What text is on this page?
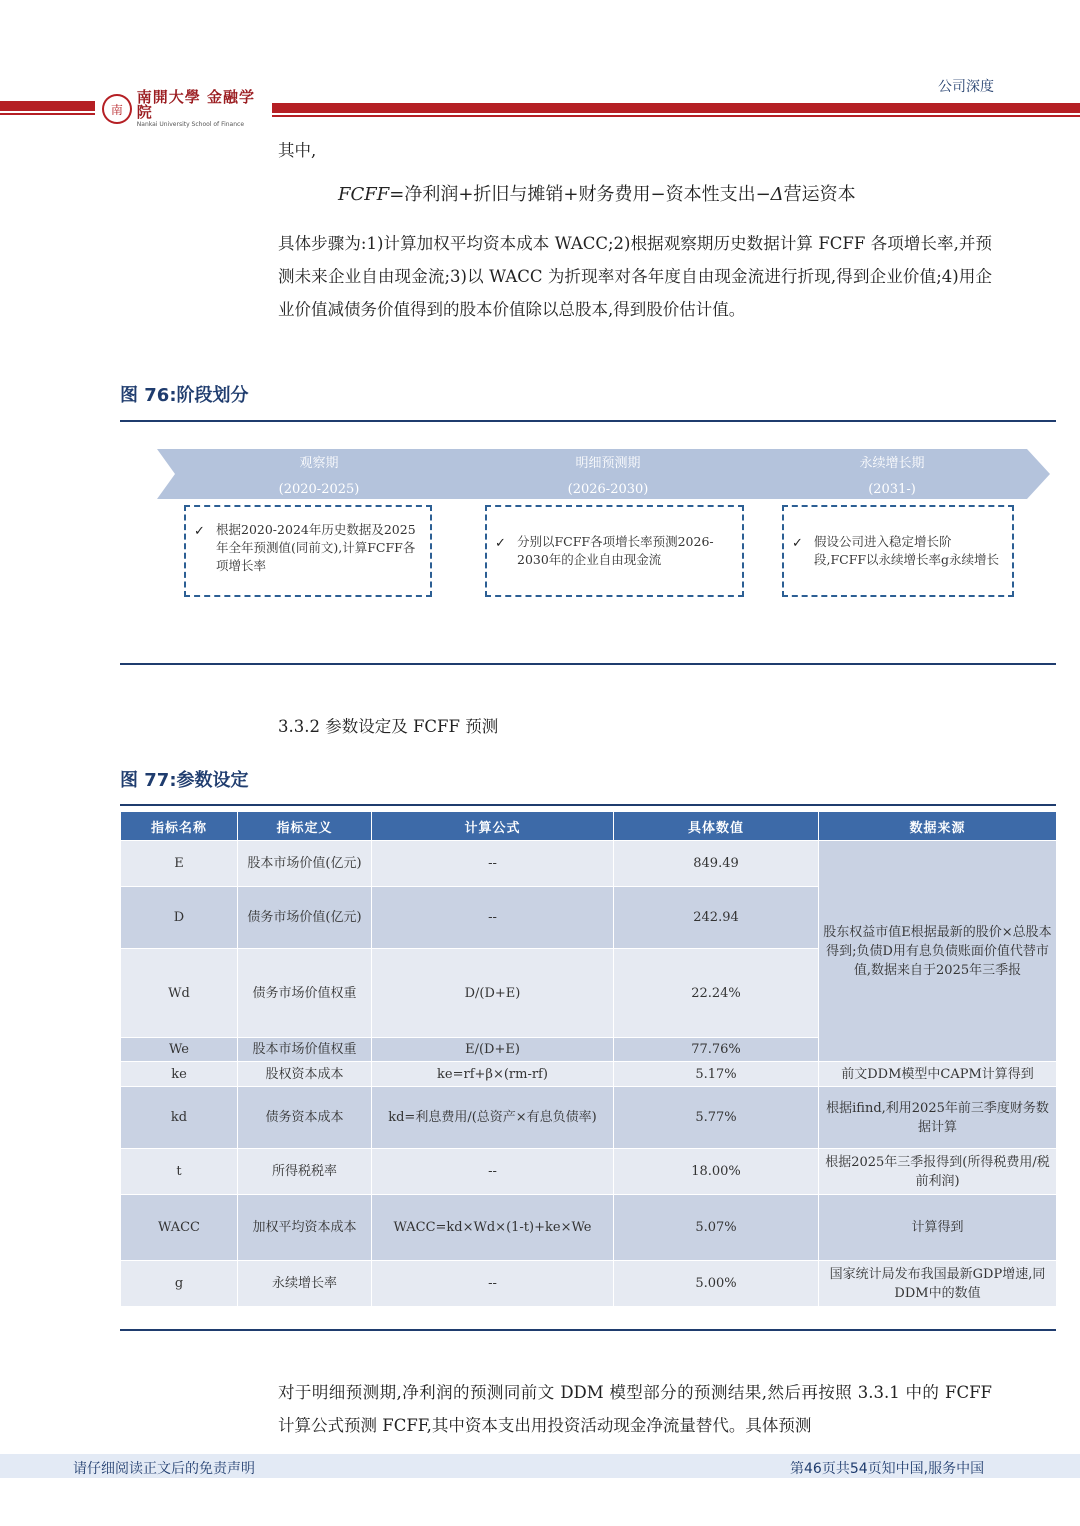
公司深度
南
南開大學 金融学院
Nankai University School of Finance
其中,
FCFF=净利润+折旧与摊销+财务费用−资本性支出−Δ营运资本
具体步骤为:1)计算加权平均资本成本 WACC;2)根据观察期历史数据计算 FCFF 各项增长率,并预测未来企业自由现金流;3)以 WACC 为折现率对各年度自由现金流进行折现,得到企业价值;4)用企业价值减债务价值得到的股本价值除以总股本,得到股价估计值。
图 76:阶段划分
观察期
(2020-2025)
明细预测期
(2026-2030)
永续增长期
(2031-)
✓ 根据2020-2024年历史数据及2025年全年预测值(同前文),计算FCFF各项增长率
✓ 分别以FCFF各项增长率预测2026-2030年的企业自由现金流
✓ 假设公司进入稳定增长阶段,FCFF以永续增长率g永续增长
3.3.2 参数设定及 FCFF 预测
图 77:参数设定
指标名称	指标定义	计算公式	具体数值	数据来源
E	股本市场价值(亿元)	--	849.49	股东权益市值E根据最新的股价×总股本得到;负债D用有息负债账面价值代替市值,数据来自于2025年三季报
D	债务市场价值(亿元)	--	242.94	
Wd	债务市场价值权重	D/(D+E)	22.24%	
We	股本市场价值权重	E/(D+E)	77.76%	
ke	股权资本成本	ke=rf+β×(rm-rf)	5.17%	前文DDM模型中CAPM计算得到
kd	债务资本成本	kd=利息费用/(总资产×有息负债率)	5.77%	根据ifind,利用2025年前三季度财务数据计算
t	所得税税率	--	18.00%	根据2025年三季报得到(所得税费用/税前利润)
WACC	加权平均资本成本	WACC=kd×Wd×(1-t)+ke×We	5.07%	计算得到
g	永续增长率	--	5.00%	国家统计局发布我国最新GDP增速,同DDM中的数值
对于明细预测期,净利润的预测同前文 DDM 模型部分的预测结果,然后再按照 3.3.1 中的 FCFF 计算公式预测 FCFF,其中资本支出用投资活动现金净流量替代。具体预测
请仔细阅读正文后的免责声明	第46页共54页知中国,服务中国
